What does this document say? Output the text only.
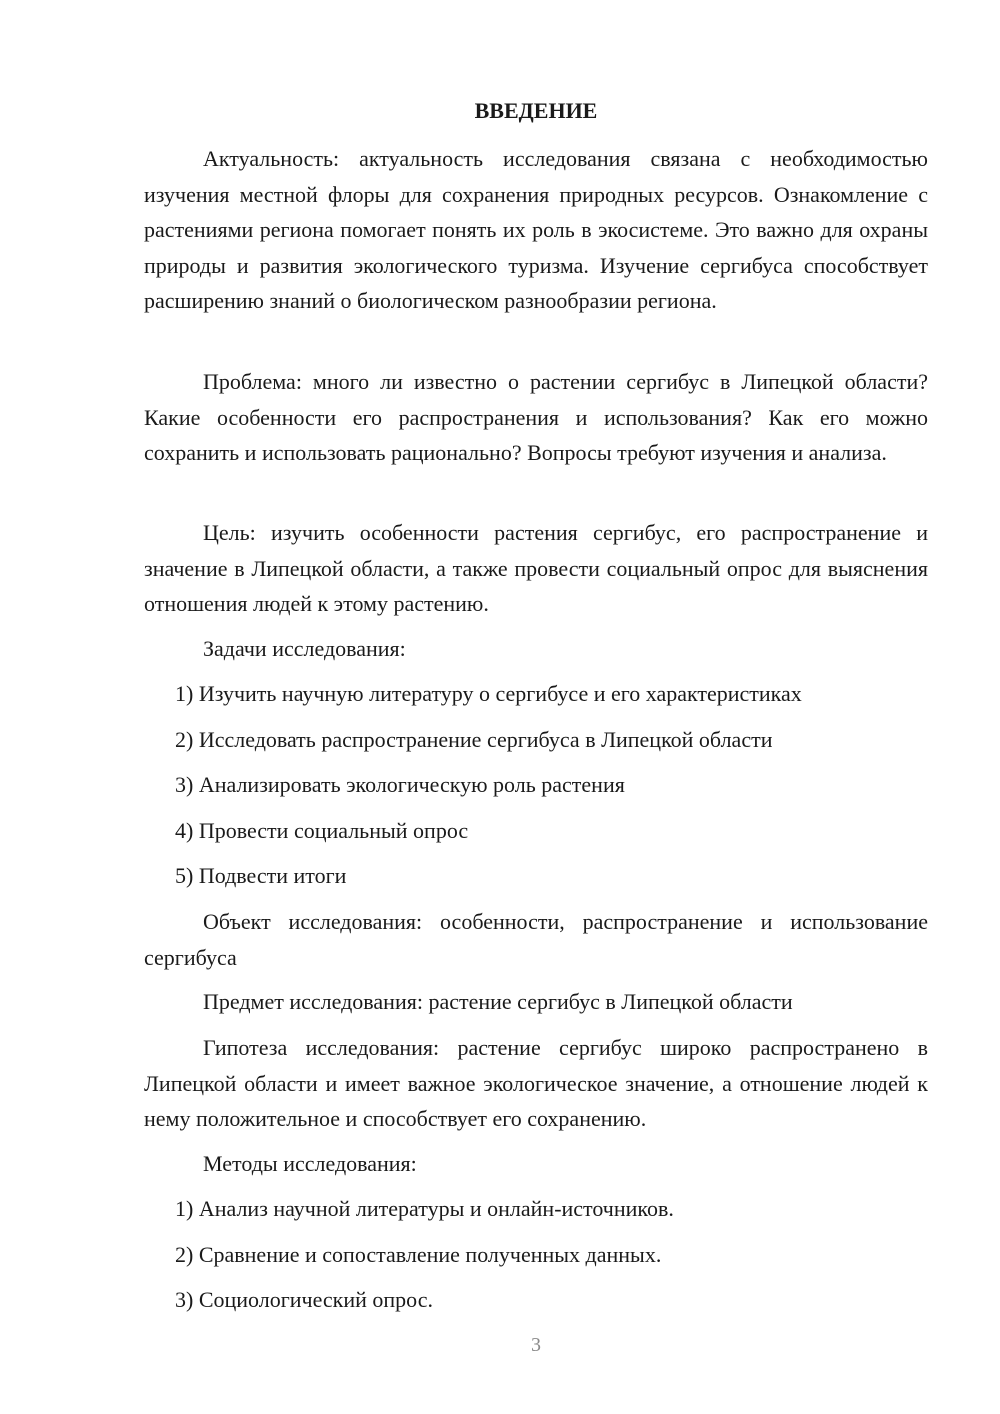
ВВЕДЕНИЕ

Актуальность: актуальность исследования связана с необходимостью изучения местной флоры для сохранения природных ресурсов. Ознакомление с растениями региона помогает понять их роль в экосистеме. Это важно для охраны природы и развития экологического туризма. Изучение сергибуса способствует расширению знаний о биологическом разнообразии региона.

Проблема: много ли известно о растении сергибус в Липецкой области? Какие особенности его распространения и использования? Как его можно сохранить и использовать рационально? Вопросы требуют изучения и анализа.

Цель: изучить особенности растения сергибус, его распространение и значение в Липецкой области, а также провести социальный опрос для выяснения отношения людей к этому растению.

Задачи исследования:
1) Изучить научную литературу о сергибусе и его характеристиках
2) Исследовать распространение сергибуса в Липецкой области
3) Анализировать экологическую роль растения
4) Провести социальный опрос
5) Подвести итоги

Объект исследования: особенности, распространение и использование сергибуса

Предмет исследования: растение сергибус в Липецкой области

Гипотеза исследования: растение сергибус широко распространено в Липецкой области и имеет важное экологическое значение, а отношение людей к нему положительное и способствует его сохранению.

Методы исследования:
1) Анализ научной литературы и онлайн-источников.
2) Сравнение и сопоставление полученных данных.
3) Социологический опрос.
3
